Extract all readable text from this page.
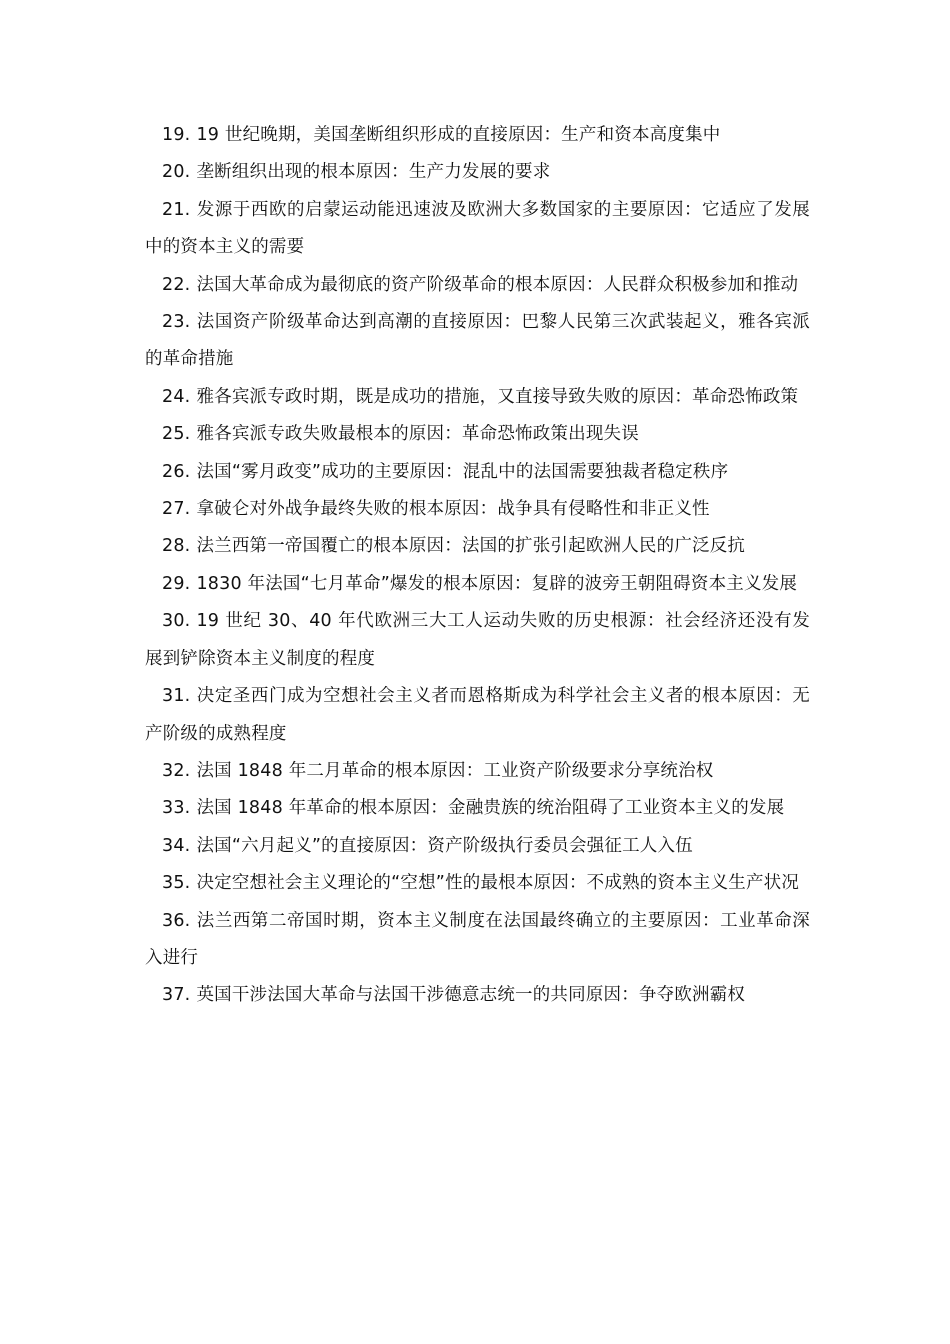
19. 19 世纪晚期，美国垄断组织形成的直接原因：生产和资本高度集中

20. 垄断组织出现的根本原因：生产力发展的要求

21. 发源于西欧的启蒙运动能迅速波及欧洲大多数国家的主要原因：它适应了发展中的资本主义的需要

22. 法国大革命成为最彻底的资产阶级革命的根本原因：人民群众积极参加和推动

23. 法国资产阶级革命达到高潮的直接原因：巴黎人民第三次武装起义，雅各宾派的革命措施

24. 雅各宾派专政时期，既是成功的措施，又直接导致失败的原因：革命恐怖政策

25. 雅各宾派专政失败最根本的原因：革命恐怖政策出现失误

26. 法国“雾月政变”成功的主要原因：混乱中的法国需要独裁者稳定秩序

27. 拿破仑对外战争最终失败的根本原因：战争具有侵略性和非正义性

28. 法兰西第一帝国覆亡的根本原因：法国的扩张引起欧洲人民的广泛反抗

29. 1830 年法国“七月革命”爆发的根本原因：复辟的波旁王朝阻碍资本主义发展

30. 19 世纪 30、40 年代欧洲三大工人运动失败的历史根源：社会经济还没有发展到铲除资本主义制度的程度

31. 决定圣西门成为空想社会主义者而恩格斯成为科学社会主义者的根本原因：无产阶级的成熟程度

32. 法国 1848 年二月革命的根本原因：工业资产阶级要求分享统治权

33. 法国 1848 年革命的根本原因：金融贵族的统治阻碍了工业资本主义的发展

34. 法国“六月起义”的直接原因：资产阶级执行委员会强征工人入伍

35. 决定空想社会主义理论的“空想”性的最根本原因：不成熟的资本主义生产状况

36. 法兰西第二帝国时期，资本主义制度在法国最终确立的主要原因：工业革命深入进行

37. 英国干涉法国大革命与法国干涉德意志统一的共同原因：争夺欧洲霸权
